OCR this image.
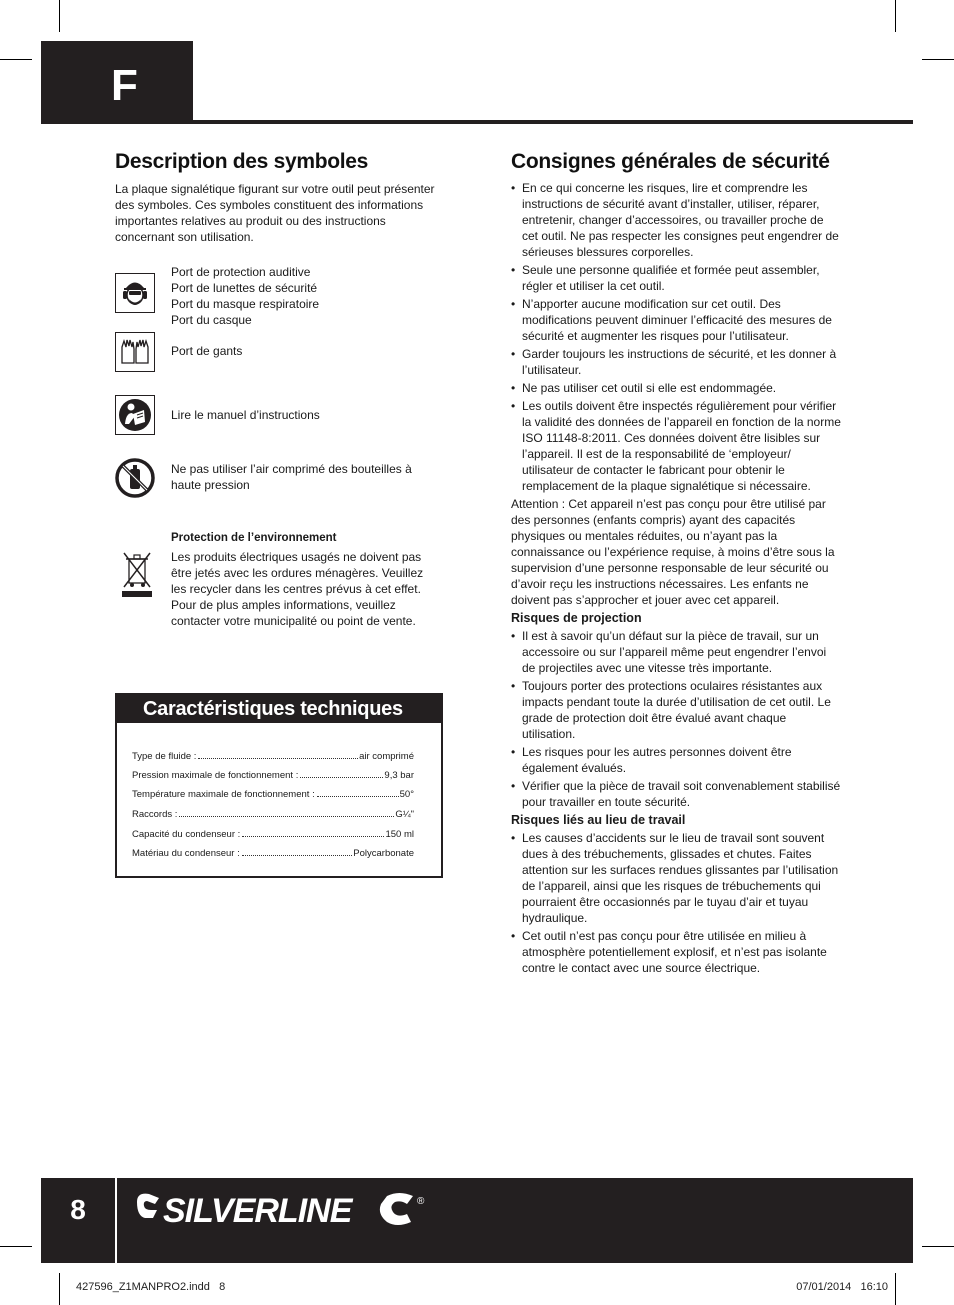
F
Description des symboles
La plaque signalétique figurant sur votre outil peut présenter des symboles. Ces symboles constituent des informations importantes relatives au produit ou des instructions concernant son utilisation.
Port de protection auditive
Port de lunettes de sécurité
Port du masque respiratoire
Port du casque
Port de gants
Lire le manuel d’instructions
Ne pas utiliser l’air comprimé des bouteilles à haute pression
Protection de l’environnement
Les produits électriques usagés ne doivent pas être jetés avec les ordures ménagères. Veuillez les recycler dans les centres prévus à cet effet. Pour de plus amples informations, veuillez contacter votre municipalité ou point de vente.
Caractéristiques techniques
Type de fluide :	air comprimé
Pression maximale de fonctionnement :	9,3 bar
Température maximale de fonctionnement :	50°
Raccords :	G¼"
Capacité du condenseur :	150 ml
Matériau du condenseur :	Polycarbonate
Consignes générales de sécurité
• En ce qui concerne les risques, lire et comprendre les instructions de sécurité avant d’installer, utiliser, réparer, entretenir, changer d’accessoires, ou travailler proche de cet outil. Ne pas respecter les consignes peut engendrer de sérieuses blessures corporelles.
• Seule une personne qualifiée et formée peut assembler, régler et utiliser la cet outil.
• N’apporter aucune modification sur cet outil. Des modifications peuvent diminuer l’efficacité des mesures de sécurité et augmenter les risques pour l’utilisateur.
• Garder toujours les instructions de sécurité, et les donner à l’utilisateur.
• Ne pas utiliser cet outil si elle est endommagée.
• Les outils doivent être inspectés régulièrement pour vérifier la validité des données de l’appareil en fonction de la norme ISO 11148-8:2011. Ces données doivent être lisibles sur l’appareil. Il est de la responsabilité de ‘employeur/ utilisateur de contacter le fabricant pour obtenir le remplacement de la plaque signalétique si nécessaire.

Attention : Cet appareil n’est pas conçu pour être utilisé par des personnes (enfants compris) ayant des capacités physiques ou mentales réduites, ou n’ayant pas la connaissance ou l’expérience requise, à moins d’être sous la supervision d’une personne responsable de leur sécurité ou d’avoir reçu les instructions nécessaires. Les enfants ne doivent pas s’approcher et jouer avec cet appareil.

Risques de projection
• Il est à savoir qu’un défaut sur la pièce de travail, sur un accessoire ou sur l’appareil même peut engendrer l’envoi de projectiles avec une vitesse très importante.
• Toujours porter des protections oculaires résistantes aux impacts pendant toute la durée d’utilisation de cet outil. Le grade de protection doit être évalué avant chaque utilisation.
• Les risques pour les autres personnes doivent être également évalués.
• Vérifier que la pièce de travail soit convenablement stabilisé pour travailler en toute sécurité.
Risques liés au lieu de travail
• Les causes d’accidents sur le lieu de travail sont souvent dues à des trébuchements, glissades et chutes. Faites attention sur les surfaces rendues glissantes par l’utilisation de l’appareil, ainsi que les risques de trébuchements qui pourraient être occasionnés par le tuyau d’air et tuyau hydraulique.
• Cet outil n’est pas conçu pour être utilisée en milieu à atmosphère potentiellement explosif, et n’est pas isolante contre le contact avec une source électrique.
8	SILVERLINE	®
427596_Z1MANPRO2.indd   8	07/01/2014   16:10
